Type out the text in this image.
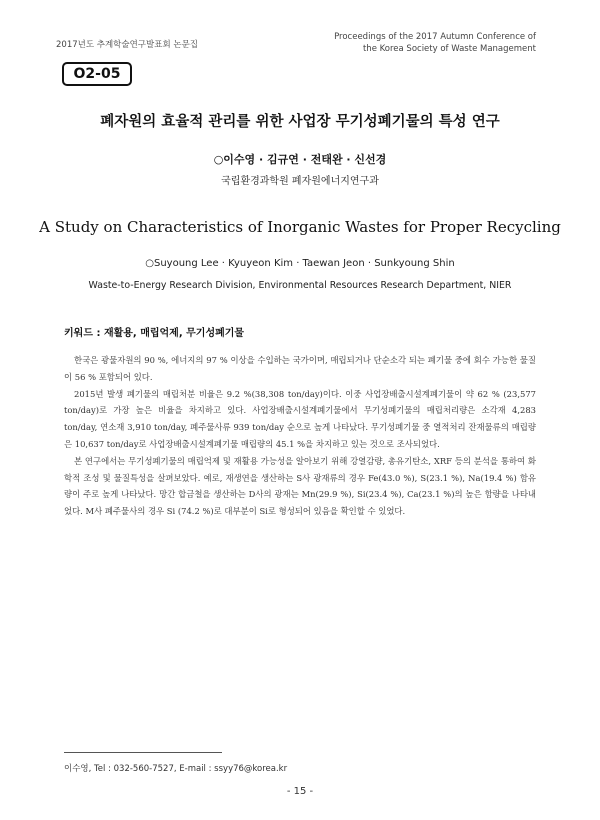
2017년도 추계학술연구발표회 논문집
Proceedings of the 2017 Autumn Conference of
the Korea Society of Waste Management
O2-05
폐자원의 효율적 관리를 위한 사업장 무기성폐기물의 특성 연구
○이수영 · 김규연 · 전태완 · 신선경
국립환경과학원 폐자원에너지연구과
A Study on Characteristics of Inorganic Wastes for Proper Recycling
○Suyoung Lee · Kyuyeon Kim · Taewan Jeon · Sunkyoung Shin
Waste-to-Energy Research Division, Environmental Resources Research Department, NIER
키워드 : 재활용, 매립억제, 무기성폐기물

한국은 광물자원의 90 %, 에너지의 97 % 이상을 수입하는 국가이며, 매립되거나 단순소각 되는 폐기물 중에 회수 가능한 물질이 56 % 포함되어 있다.

2015년 발생 폐기물의 매립처분 비율은 9.2 %(38,308 ton/day)이다. 이중 사업장배출시설계폐기물이 약 62 % (23,577 ton/day)로 가장 높은 비율을 차지하고 있다. 사업장배출시설계폐기물에서 무기성폐기물의 매립처리량은 소각재 4,283 ton/day, 연소재 3,910 ton/day, 폐주물사류 939 ton/day 순으로 높게 나타났다. 무기성폐기물 중 열적처리 잔재물류의 매립량은 10,637 ton/day로 사업장배출시설계폐기물 매립량의 45.1 %을 차지하고 있는 것으로 조사되었다.

본 연구에서는 무기성폐기물의 매립억제 및 재활용 가능성을 알아보기 위해 강열감량, 총유기탄소, XRF 등의 분석을 통하여 화학적 조성 및 물질특성을 살펴보았다. 예로, 재생연을 생산하는 S사 광재류의 경우 Fe(43.0 %), S(23.1 %), Na(19.4 %) 함유량이 주로 높게 나타났다. 망간 합금철을 생산하는 D사의 광재는 Mn(29.9 %), Si(23.4 %), Ca(23.1 %)의 높은 함량을 나타내었다. M사 폐주물사의 경우 Si (74.2 %)로 대부분이 Si로 형성되어 있음을 확인할 수 있었다.

이수영, Tel : 032-560-7527, E-mail : ssyy76@korea.kr
- 15 -
